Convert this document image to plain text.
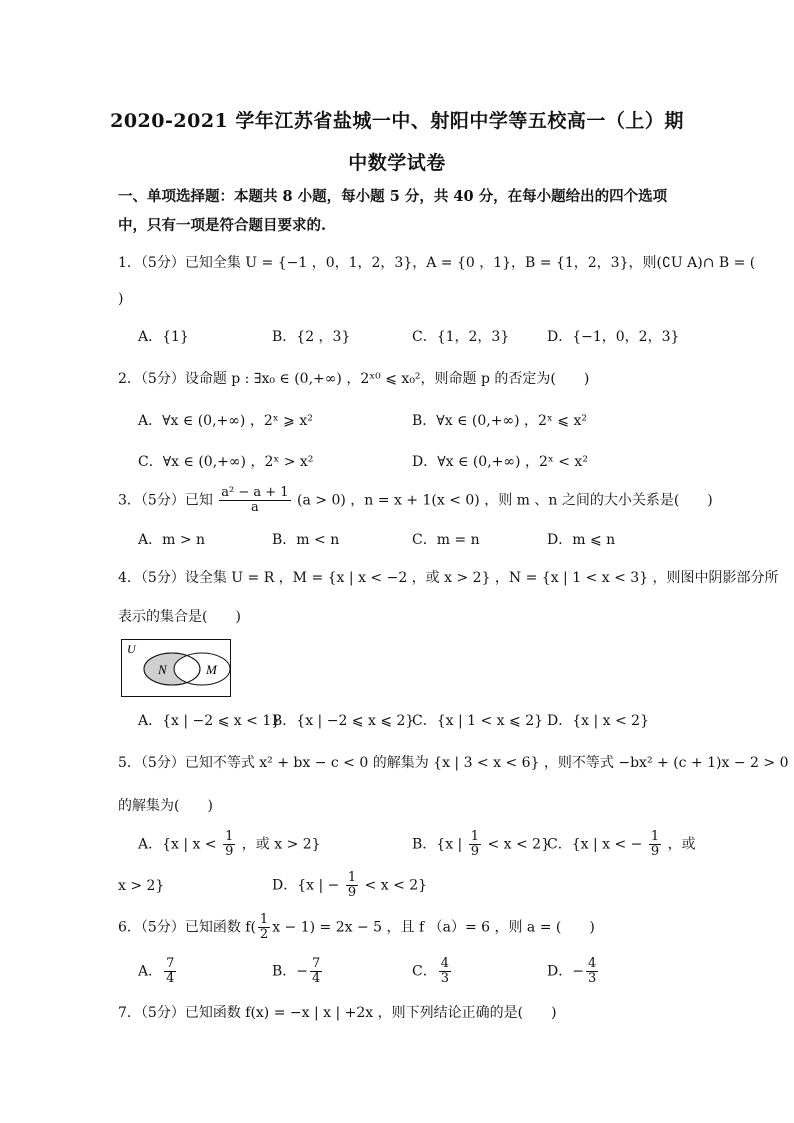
2020-2021 学年江苏省盐城一中、射阳中学等五校高一（上）期
中数学试卷
一、单项选择题：本题共 8 小题，每小题 5 分，共 40 分，在每小题给出的四个选项中，只有一项是符合题目要求的.
1．（5分）已知全集 U = {−1 ，0，1，2，3}，A = {0 ，1}，B = {1，2，3}，则(∁U A)∩ B = (
)
A．{1}	B．{2 ，3}	C．{1，2，3}	D．{−1，0，2，3}
2．（5分）设命题 p : ∃x₀ ∈ (0,+∞) ，2ˣ⁰ ⩽ x₀²，则命题 p 的否定为(　　)
A．∀x ∈ (0,+∞) ，2ˣ ⩾ x²	B．∀x ∈ (0,+∞) ，2ˣ ⩽ x²
C．∀x ∈ (0,+∞) ，2ˣ > x²	D．∀x ∈ (0,+∞) ，2ˣ < x²
3．（5分）已知 $\frac{\text{a² − a + 1}}{a} (a > 0)$ ，n = x + 1(x < 0) ，则 m 、n 之间的大小关系是(　　)
A．m > n	B．m < n	C．m = n	D．m ⩽ n
4．（5分）设全集 U = R ，M = {x | x < −2 ，或 x > 2} ，N = {x | 1 < x < 3} ，则图中阴影部分所
表示的集合是(　　)
U
N	M
A．{x | −2 ⩽ x < 1}
B．{x | −2 ⩽ x ⩽ 2}
C．{x | 1 < x ⩽ 2} D．{x | x < 2}
5．（5分）已知不等式 x² + bx − c < 0 的解集为 {x | 3 < x < 6} ，则不等式 −bx² + (c + 1)x − 2 > 0
的解集为(　　)
A．{x | $x < \frac{1}{9}$ ，或 x > 2}	B．{x | $\frac{1}{9} < x < 2$}
C．{x | x < − $\frac{1}{9}$ ，或
x > 2}	D．{x | − $\frac{1}{9} < x < 2$}
6．（5分）已知函数 $f( \frac{1}{2}$ x − 1) = 2x − 5 ，且 f （a）= 6 ，则 a = (　　)
A． $\frac{7}{4}$	B．− $\frac{7}{4}$	C． $\frac{4}{3}$	D．− $\frac{4}{3}$
7．（5分）已知函数 f(x) = −x | x | +2x ，则下列结论正确的是(　　)
